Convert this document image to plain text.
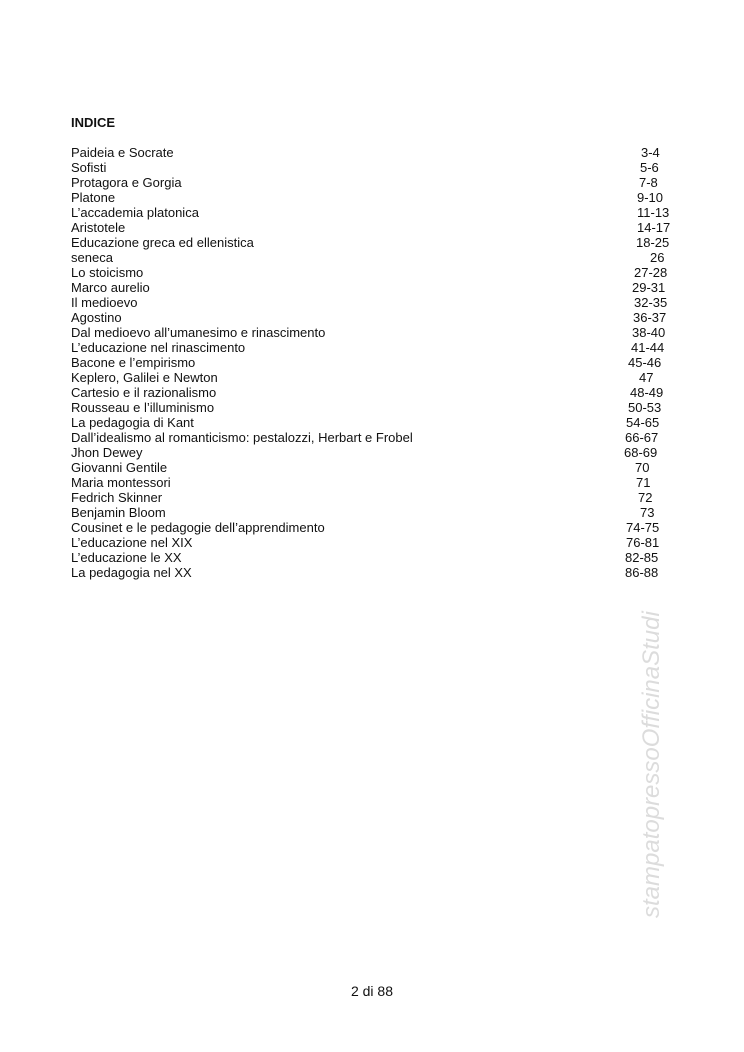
INDICE
Paideia e Socrate	3-4
Sofisti	5-6
Protagora e Gorgia	7-8
Platone	9-10
L’accademia platonica	11-13
Aristotele	14-17
Educazione greca ed ellenistica	18-25
seneca	26
Lo stoicismo	27-28
Marco aurelio	29-31
Il medioevo	32-35
Agostino	36-37
Dal medioevo all’umanesimo e rinascimento	38-40
L’educazione nel rinascimento	41-44
Bacone e l’empirismo	45-46
Keplero, Galilei e Newton	47
Cartesio e il razionalismo	48-49
Rousseau e l’illuminismo	50-53
La pedagogia di Kant	54-65
Dall’idealismo al romanticismo: pestalozzi, Herbart e Frobel	66-67
Jhon Dewey	68-69
Giovanni Gentile	70
Maria montessori	71
Fedrich Skinner	72
Benjamin Bloom	73
Cousinet e le pedagogie dell’apprendimento	74-75
L’educazione nel XIX	76-81
L’educazione le XX	82-85
La pedagogia nel XX	86-88
stampatopressoOfficinaStudi
2 di 88
